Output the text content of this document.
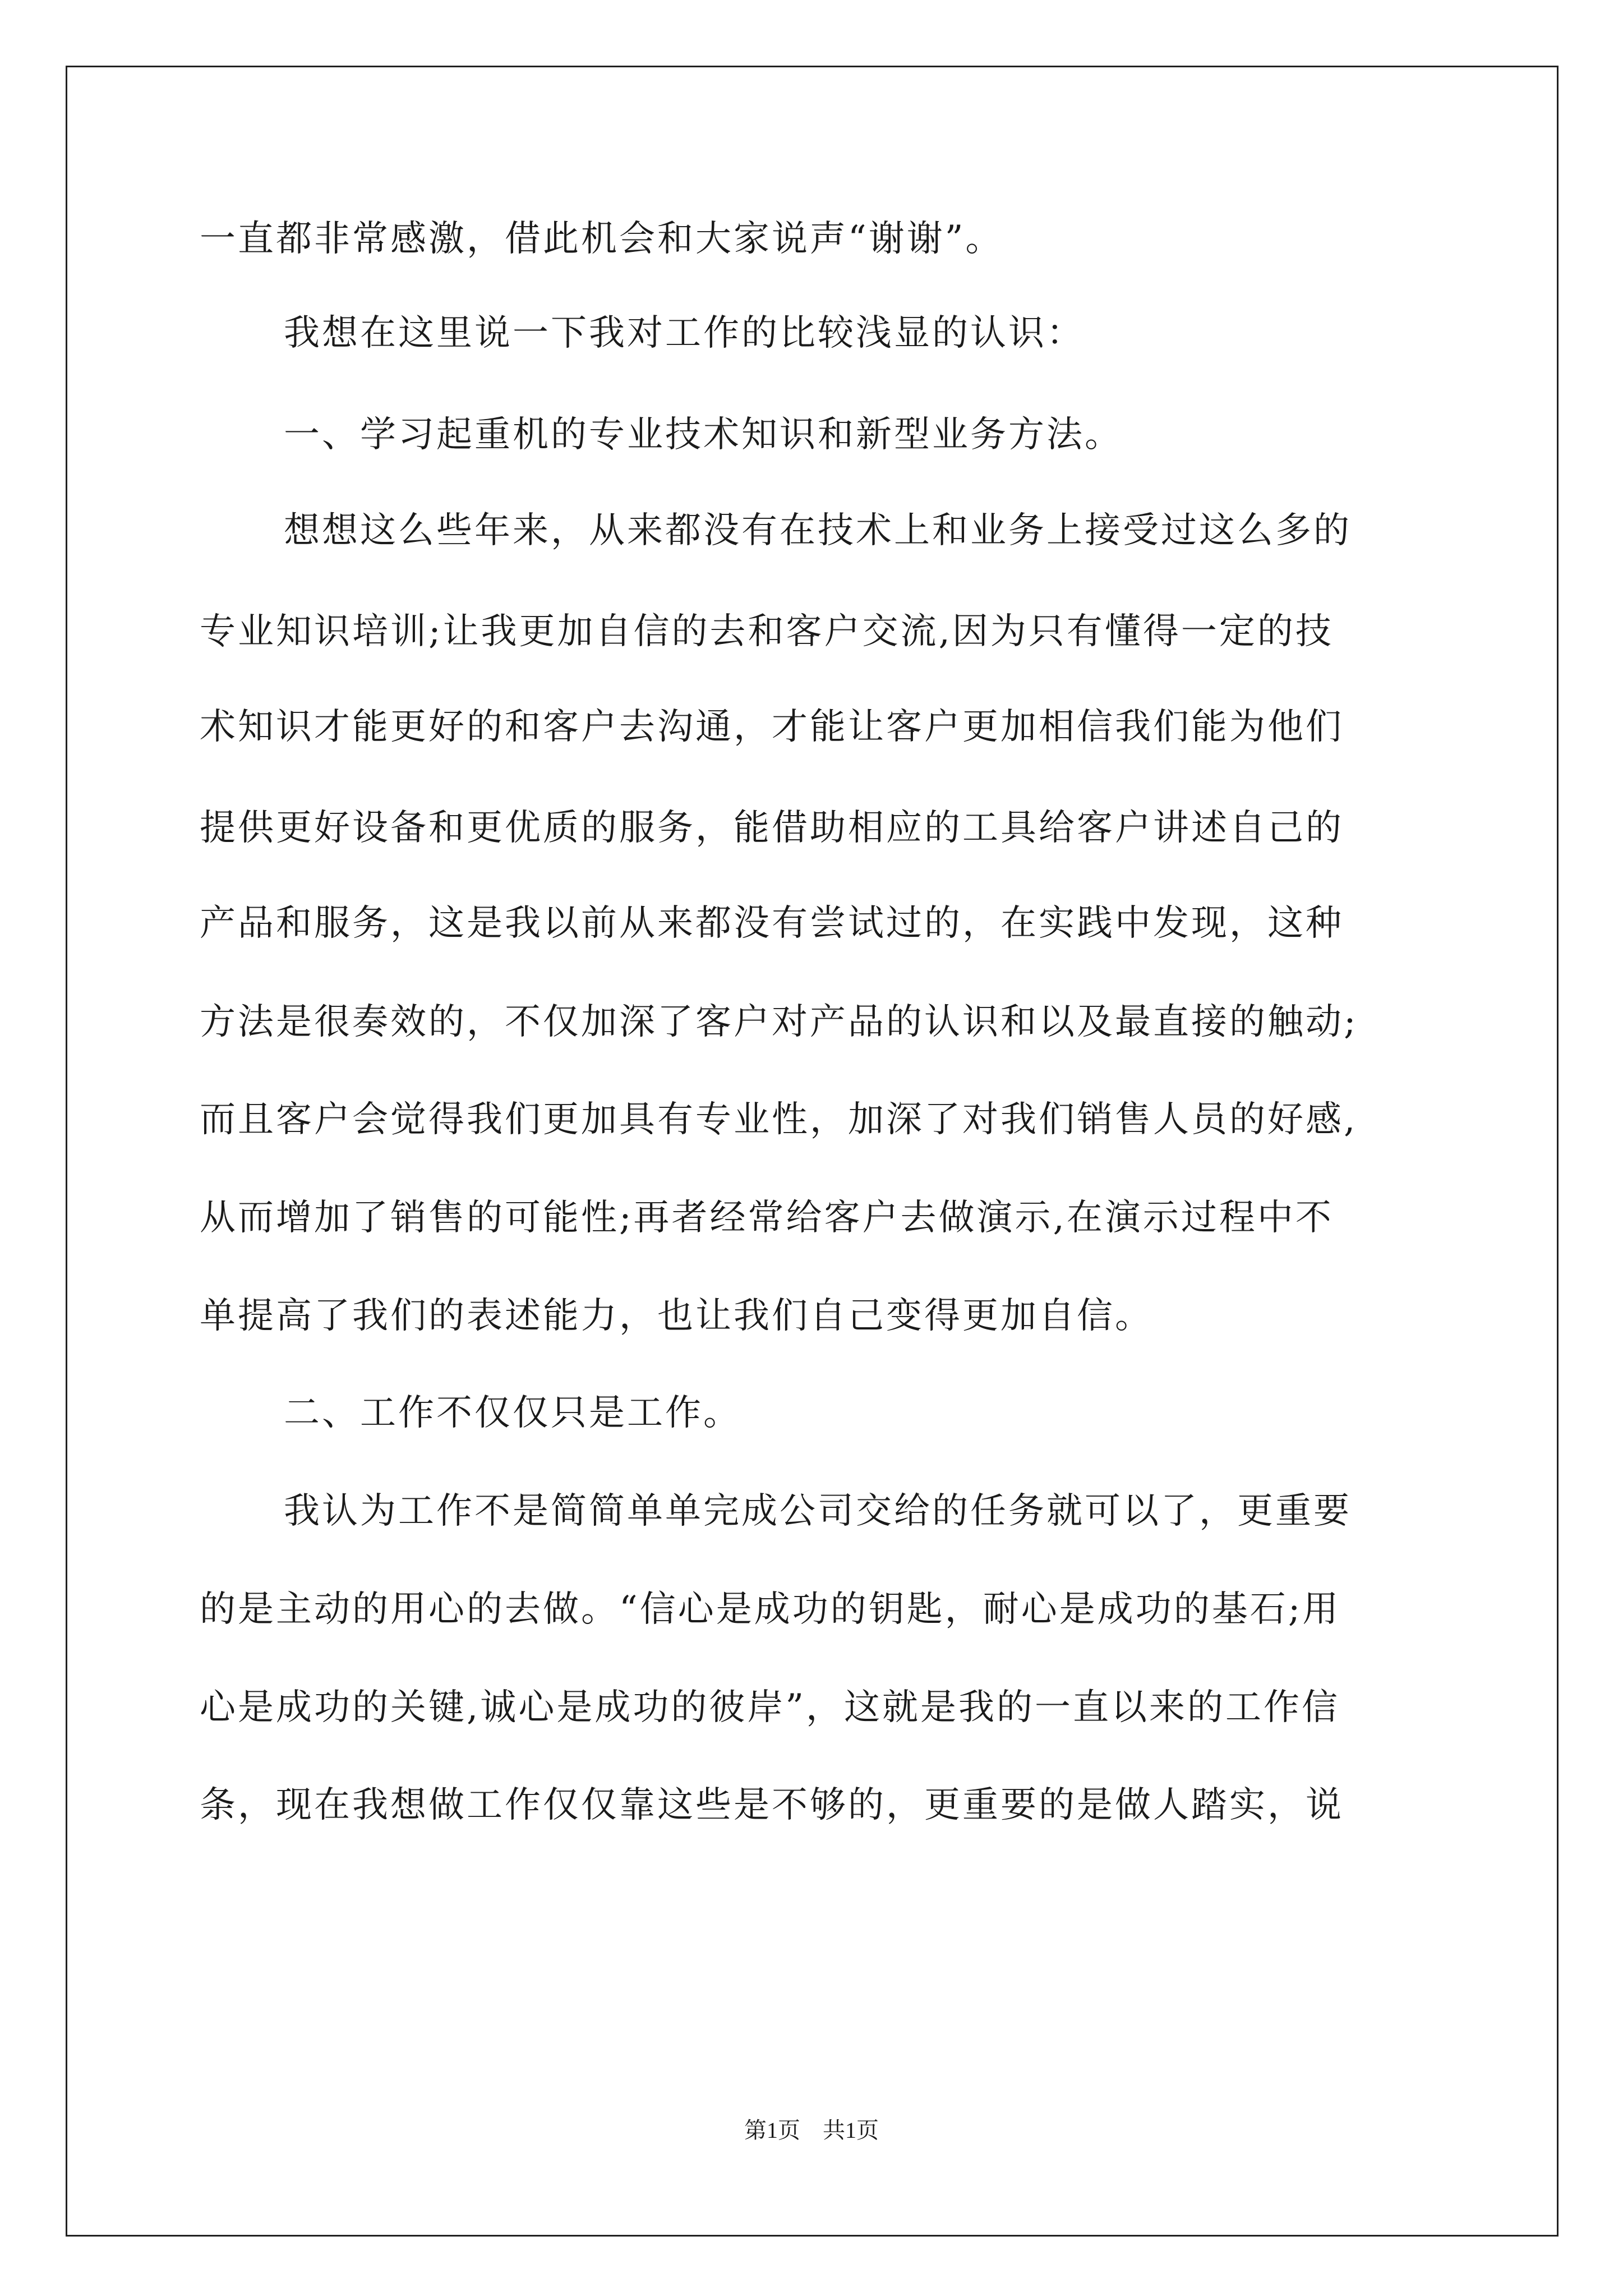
一直都非常感激，借此机会和大家说声“谢谢”。
我想在这里说一下我对工作的比较浅显的认识：
一、学习起重机的专业技术知识和新型业务方法。
想想这么些年来，从来都没有在技术上和业务上接受过这么多的
专业知识培训;让我更加自信的去和客户交流,因为只有懂得一定的技
术知识才能更好的和客户去沟通，才能让客户更加相信我们能为他们
提供更好设备和更优质的服务，能借助相应的工具给客户讲述自己的
产品和服务，这是我以前从来都没有尝试过的，在实践中发现，这种
方法是很奏效的，不仅加深了客户对产品的认识和以及最直接的触动;
而且客户会觉得我们更加具有专业性，加深了对我们销售人员的好感,
从而增加了销售的可能性;再者经常给客户去做演示,在演示过程中不
单提高了我们的表述能力，也让我们自己变得更加自信。
二、工作不仅仅只是工作。
我认为工作不是简简单单完成公司交给的任务就可以了，更重要
的是主动的用心的去做。“信心是成功的钥匙，耐心是成功的基石;用
心是成功的关键,诚心是成功的彼岸”，这就是我的一直以来的工作信
条，现在我想做工作仅仅靠这些是不够的，更重要的是做人踏实，说
第1页　共1页
